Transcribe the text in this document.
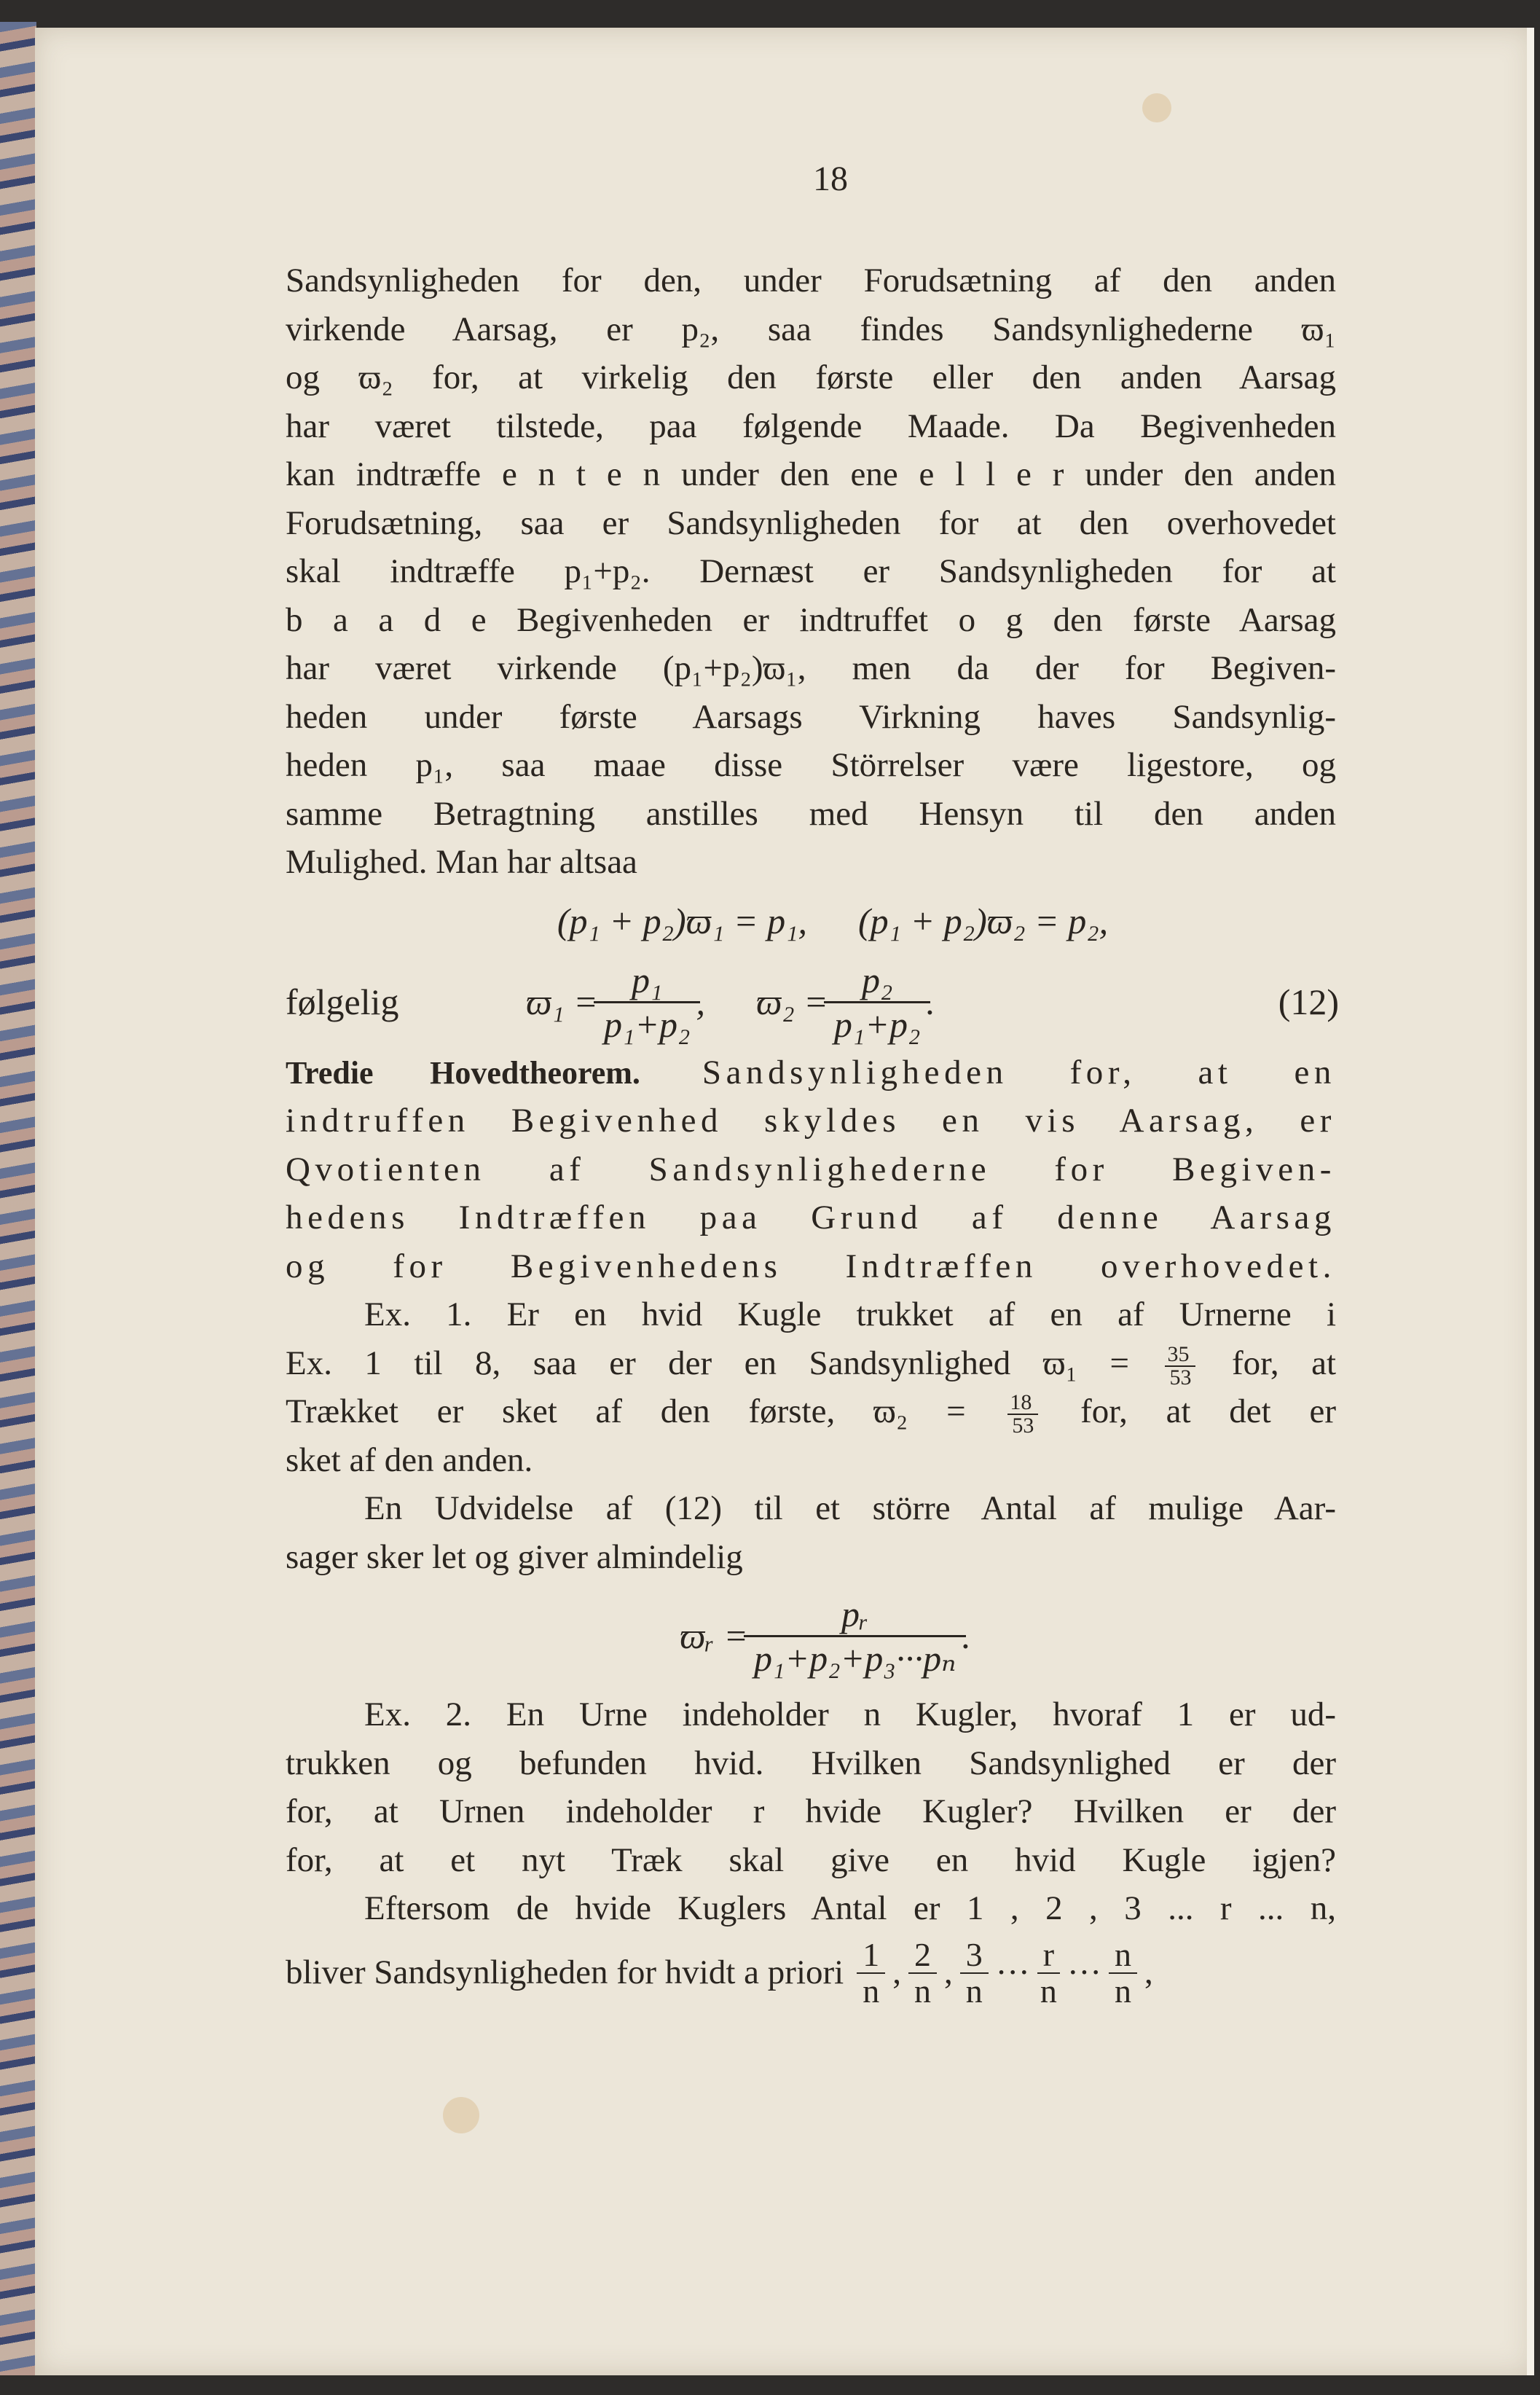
18
Sandsynligheden for den, under Forudsætning af den anden
virkende Aarsag, er p₂, saa findes Sandsynlighederne ϖ₁
og ϖ₂ for, at virkelig den første eller den anden Aarsag
har været tilstede, paa følgende Maade. Da Begivenheden
kan indtræffe e n t e n under den ene e l l e r under den anden
Forudsætning, saa er Sandsynligheden for at den overhovedet
skal indtræffe p₁+p₂. Dernæst er Sandsynligheden for at
b a a d e Begivenheden er indtruffet o g den første Aarsag
har været virkende (p₁+p₂)ϖ₁, men da der for Begiven-
heden under første Aarsags Virkning haves Sandsynlig-
heden p₁, saa maae disse Störrelser være ligestore, og
samme Betragtning anstilles med Hensyn til den anden
Mulighed. Man har altsaa
(p₁ + p₂)ϖ₁ = p₁, (p₁ + p₂)ϖ₂ = p₂,
følgelig	$ϖ_1 = \frac{\text{p₁}}{\text{p₁+p₂}}$ , $ϖ_2 = \frac{\text{p₂}}{\text{p₁+p₂}}$ .	(12)
Tredie Hovedtheorem. Sandsynligheden for, at en
indtruffen Begivenhed skyldes en vis Aarsag, er
Qvotienten af Sandsynlighederne for Begiven-
hedens Indtræffen paa Grund af denne Aarsag
og for Begivenhedens Indtræffen overhovedet.
Ex. 1. Er en hvid Kugle trukket af en af Urnerne i
Ex. 1 til 8, saa er der en Sandsynlighed $ϖ_1 = \frac{35}{53}$ for, at
Trækket er sket af den første, $ϖ_2 = \frac{18}{53}$ for, at det er
sket af den anden.
En Udvidelse af (12) til et större Antal af mulige Aar-
sager sker let og giver almindelig
ϖᵣ = $\frac{\text{pᵣ}}{\text{p₁+p₂+p₃···pₙ}}$ .
Ex. 2. En Urne indeholder n Kugler, hvoraf 1 er ud-
trukken og befunden hvid. Hvilken Sandsynlighed er der
for, at Urnen indeholder r hvide Kugler? Hvilken er der
for, at et nyt Træk skal give en hvid Kugle igjen?
Eftersom de hvide Kuglers Antal er 1 , 2 , 3 ... r ... n,
bliver Sandsynligheden for hvidt a priori $\frac{1}{n}$ , $\frac{2}{n}$ , $\frac{3}{n}$ ··· $\frac{r}{n}$ ··· $\frac{n}{n}$ ,
